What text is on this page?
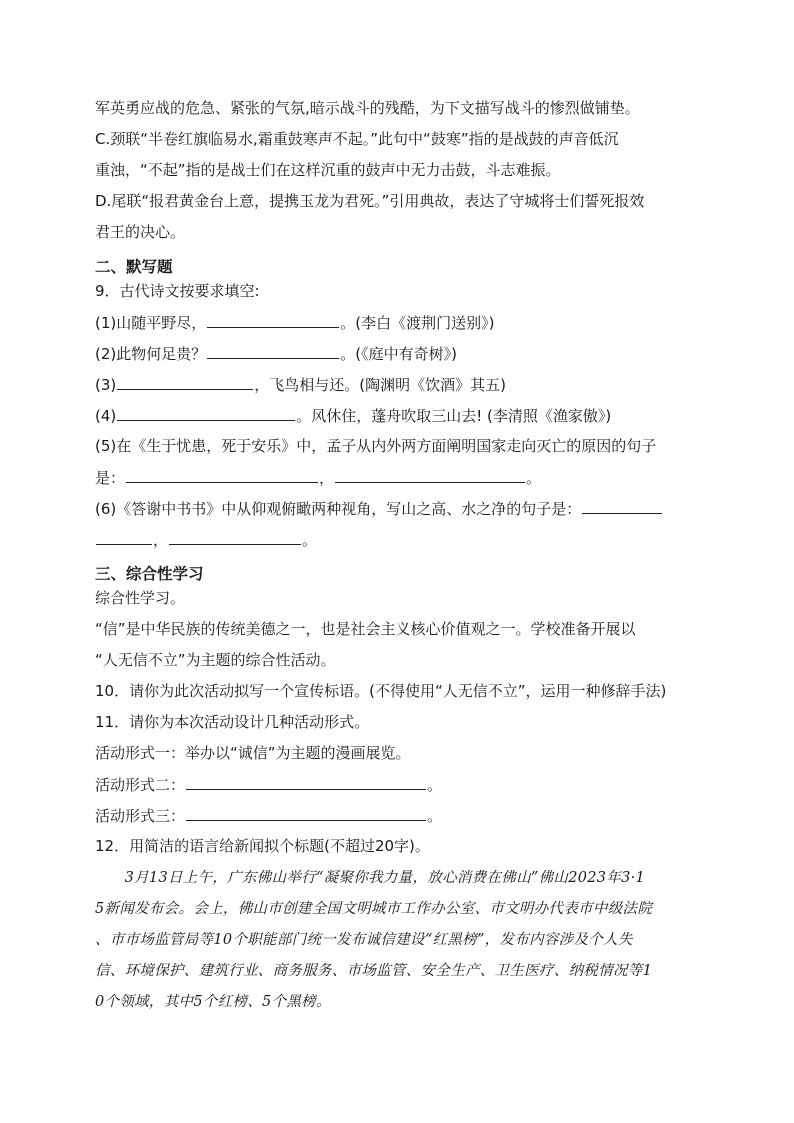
军英勇应战的危急、紧张的气氛,暗示战斗的残酷，为下文描写战斗的惨烈做铺垫。
C.颈联“半卷红旗临易水,霜重鼓寒声不起。”此句中“鼓寒”指的是战鼓的声音低沉
重浊，“不起”指的是战士们在这样沉重的鼓声中无力击鼓，斗志难振。
D.尾联“报君黄金台上意，提携玉龙为君死。”引用典故，表达了守城将士们誓死报效
君王的决心。
二、默写题
9．古代诗文按要求填空:
(1)山随平野尽，	。(李白《渡荆门送别》)
(2)此物何足贵？	。(《庭中有奇树》)
(3)	，飞鸟相与还。(陶渊明《饮酒》其五)
(4)	。风休住，蓬舟吹取三山去! (李清照《渔家傲》)
(5)在《生于忧患，死于安乐》中，孟子从内外两方面阐明国家走向灭亡的原因的句子
是：	，	。
(6)《答谢中书书》中从仰观俯瞰两种视角，写山之高、水之净的句子是：
，	。
三、综合性学习
综合性学习。
“信”是中华民族的传统美德之一，也是社会主义核心价值观之一。学校准备开展以
“人无信不立”为主题的综合性活动。
10．请你为此次活动拟写一个宣传标语。(不得使用“人无信不立”，运用一种修辞手法)
11．请你为本次活动设计几种活动形式。
活动形式一：举办以“诚信”为主题的漫画展览。
活动形式二：	。
活动形式三：	。
12．用简洁的语言给新闻拟个标题(不超过20字)。
　　3月13日上午，广东佛山举行“凝聚你我力量，放心消费在佛山”佛山2023年3·1
5新闻发布会。会上，佛山市创建全国文明城市工作办公室、市文明办代表市中级法院
、市市场监管局等10个职能部门统一发布诚信建设“红黑榜”，发布内容涉及个人失
信、环境保护、建筑行业、商务服务、市场监管、安全生产、卫生医疗、纳税情况等1
0个领域，其中5个红榜、5个黑榜。
